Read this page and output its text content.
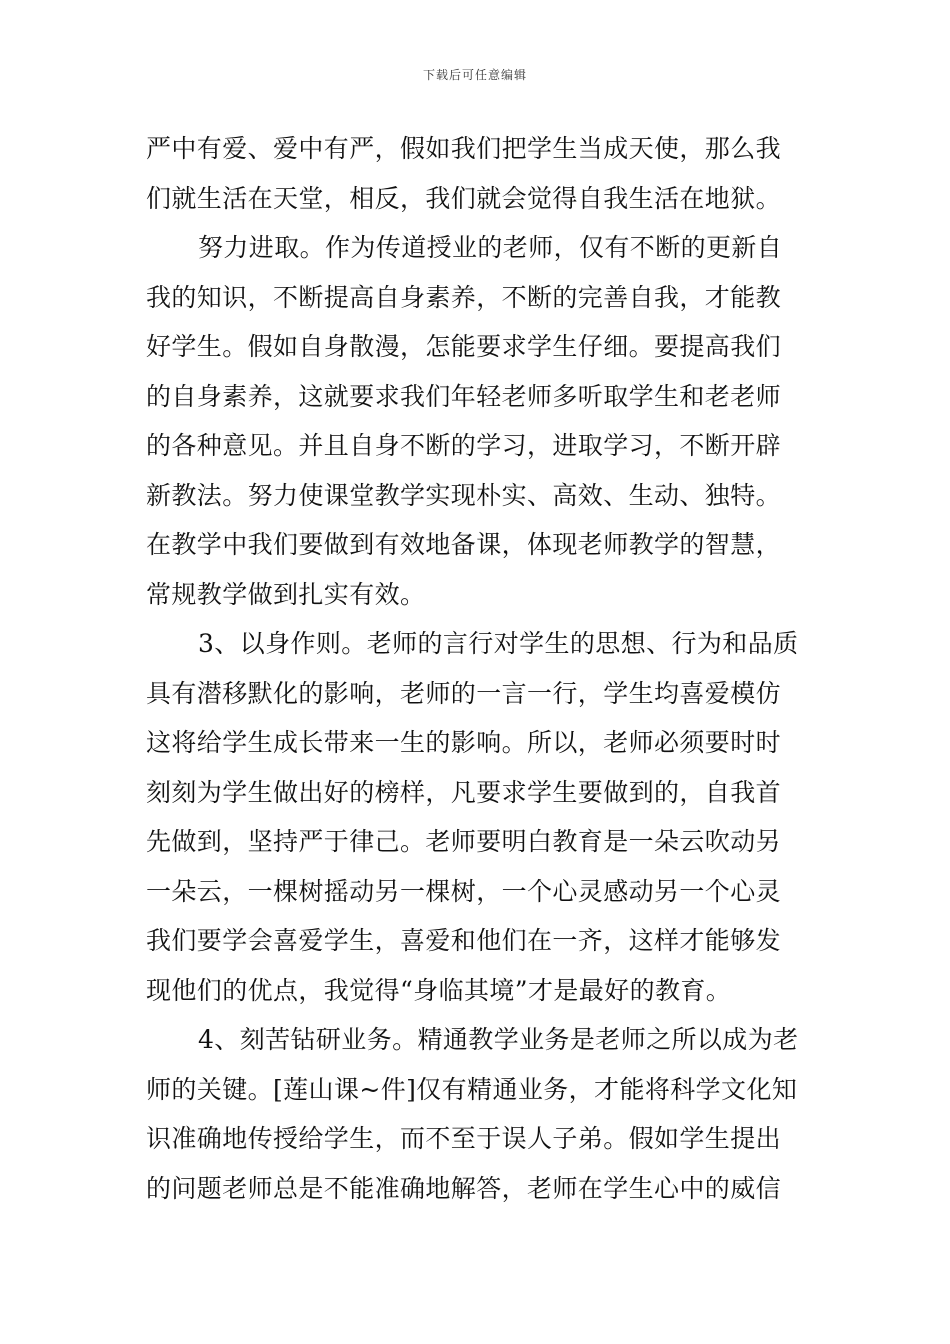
下载后可任意编辑
严中有爱、爱中有严，假如我们把学生当成天使，那么我
们就生活在天堂，相反，我们就会觉得自我生活在地狱。
努力进取。作为传道授业的老师，仅有不断的更新自
我的知识，不断提高自身素养，不断的完善自我，才能教
好学生。假如自身散漫，怎能要求学生仔细。要提高我们
的自身素养，这就要求我们年轻老师多听取学生和老老师
的各种意见。并且自身不断的学习，进取学习，不断开辟
新教法。努力使课堂教学实现朴实、高效、生动、独特。
在教学中我们要做到有效地备课，体现老师教学的智慧，
常规教学做到扎实有效。
3、以身作则。老师的言行对学生的思想、行为和品质
具有潜移默化的影响，老师的一言一行，学生均喜爱模仿
这将给学生成长带来一生的影响。所以，老师必须要时时
刻刻为学生做出好的榜样，凡要求学生要做到的，自我首
先做到，坚持严于律己。老师要明白教育是一朵云吹动另
一朵云，一棵树摇动另一棵树，一个心灵感动另一个心灵
我们要学会喜爱学生，喜爱和他们在一齐，这样才能够发
现他们的优点，我觉得“身临其境”才是最好的教育。
4、刻苦钻研业务。精通教学业务是老师之所以成为老
师的关键。[莲山课~件]仅有精通业务，才能将科学文化知
识准确地传授给学生，而不至于误人子弟。假如学生提出
的问题老师总是不能准确地解答，老师在学生心中的威信
